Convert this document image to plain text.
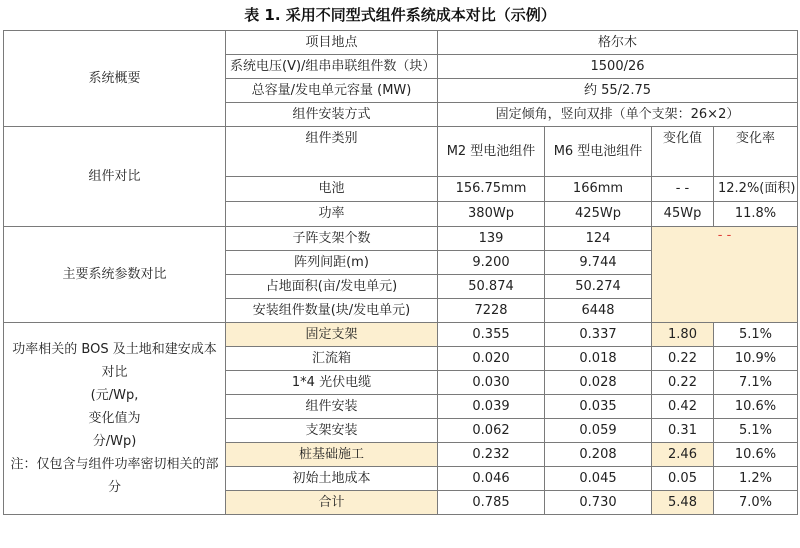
表 1. 采用不同型式组件系统成本对比（示例）
系统概要	项目地点	格尔木			
	系统电压(V)/组串串联组件数（块）	1500/26			
	总容量/发电单元容量 (MW)	约 55/2.75			
	组件安装方式	固定倾角，竖向双排（单个支架：26×2）			
组件对比	组件类别	M2 型电池组件	M6 型电池组件	变化值	变化率
	电池	156.75mm	166mm	- -	12.2%(面积)
	功率	380Wp	425Wp	45Wp	11.8%
主要系统参数对比	子阵支架个数	139	124	- -	
	阵列间距(m)	9.200	9.744		
	占地面积(亩/发电单元)	50.874	50.274		
	安装组件数量(块/发电单元)	7228	6448		

功率相关的 BOS 及土地和建安成本对比
(元/Wp,
变化值为
分/Wp)
注：仅包含与组件功率密切相关的部分	固定支架	0.355	0.337	1.80	5.1%
	汇流箱	0.020	0.018	0.22	10.9%
	1*4 光伏电缆	0.030	0.028	0.22	7.1%
	组件安装	0.039	0.035	0.42	10.6%
	支架安装	0.062	0.059	0.31	5.1%
	桩基础施工	0.232	0.208	2.46	10.6%
	初始土地成本	0.046	0.045	0.05	1.2%
	合计	0.785	0.730	5.48	7.0%
